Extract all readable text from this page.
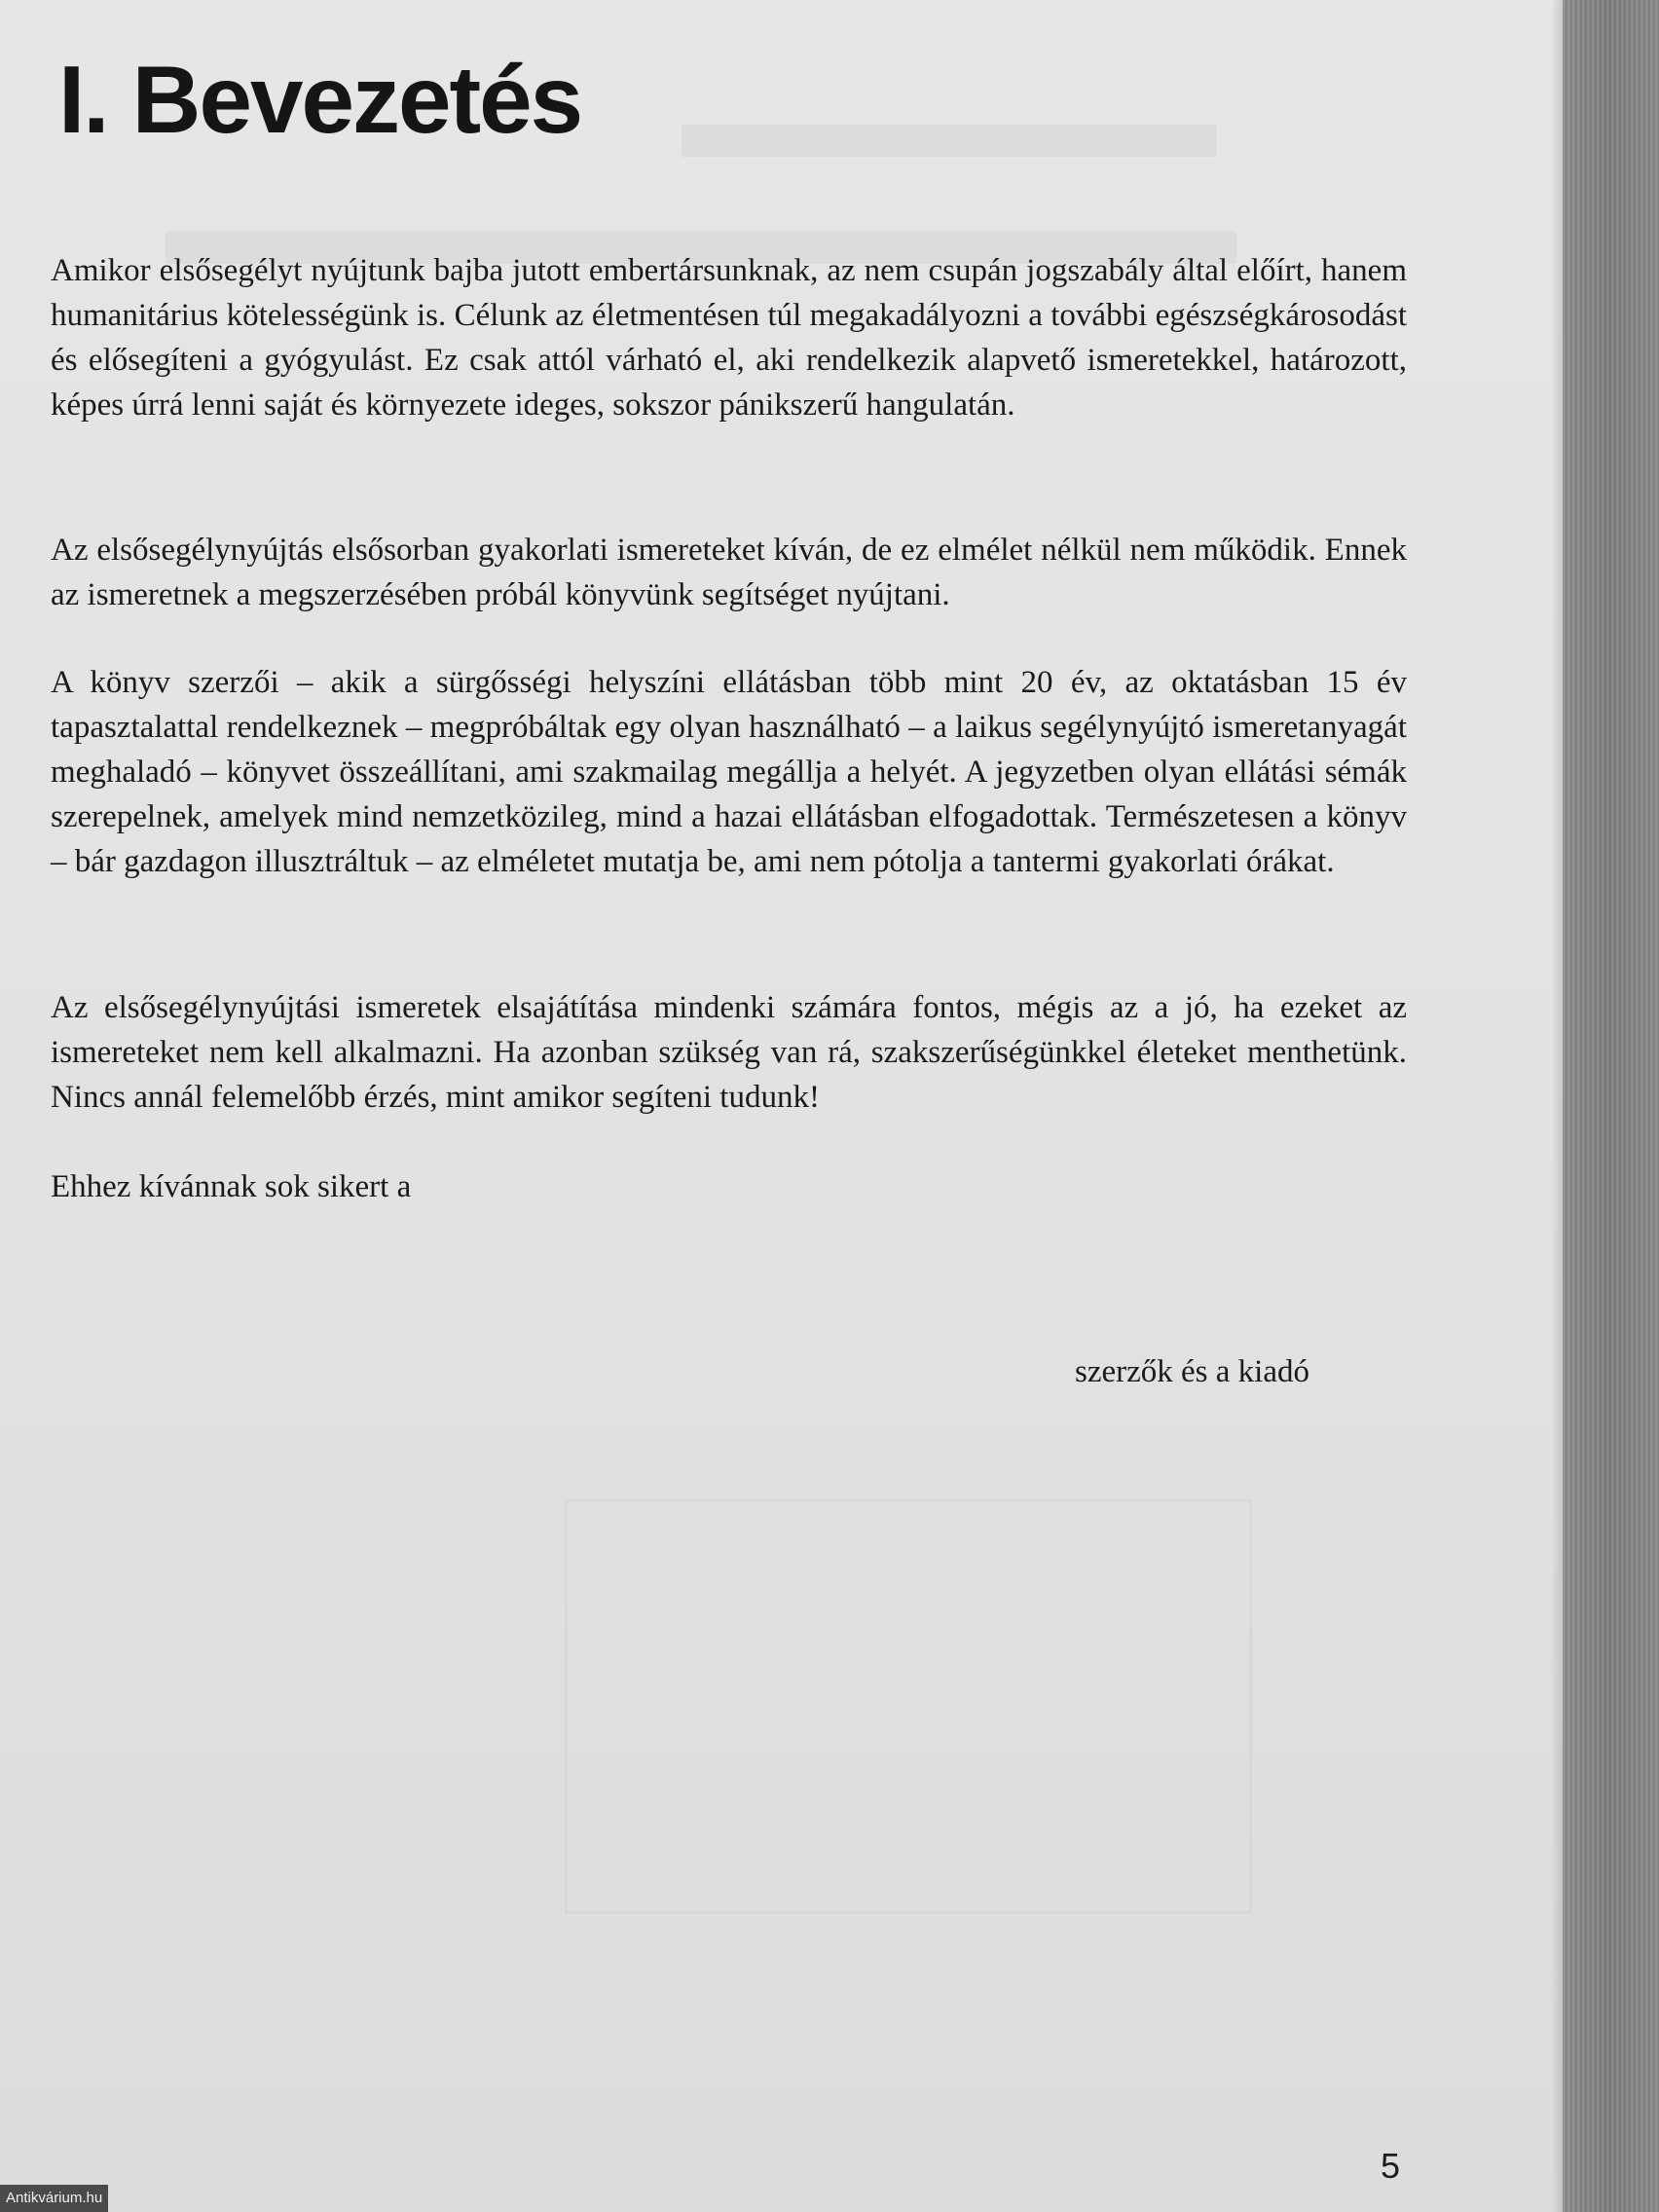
I. Bevezetés

Amikor elsősegélyt nyújtunk bajba jutott embertársunknak, az nem csupán jogszabály által előírt, hanem humanitárius kötelességünk is. Célunk az életmentésen túl megakadályozni a további egészségkárosodást és elősegíteni a gyógyulást. Ez csak attól várható el, aki rendelkezik alapvető ismeretekkel, határozott, képes úrrá lenni saját és környezete ideges, sokszor pánikszerű hangulatán.

Az elsősegélynyújtás elsősorban gyakorlati ismereteket kíván, de ez elmélet nélkül nem működik. Ennek az ismeretnek a megszerzésében próbál könyvünk segítséget nyújtani.

A könyv szerzői – akik a sürgősségi helyszíni ellátásban több mint 20 év, az oktatásban 15 év tapasztalattal rendelkeznek – megpróbáltak egy olyan használható – a laikus segélynyújtó ismeretanyagát meghaladó – könyvet összeállítani, ami szakmailag megállja a helyét. A jegyzetben olyan ellátási sémák szerepelnek, amelyek mind nemzetközileg, mind a hazai ellátásban elfogadottak. Természetesen a könyv – bár gazdagon illusztráltuk – az elméletet mutatja be, ami nem pótolja a tantermi gyakorlati órákat.

Az elsősegélynyújtási ismeretek elsajátítása mindenki számára fontos, mégis az a jó, ha ezeket az ismereteket nem kell alkalmazni. Ha azonban szükség van rá, szakszerűségünkkel életeket menthetünk. Nincs annál felemelőbb érzés, mint amikor segíteni tudunk!

Ehhez kívánnak sok sikert a

szerzők és a kiadó

5

Antikvárium.hu
